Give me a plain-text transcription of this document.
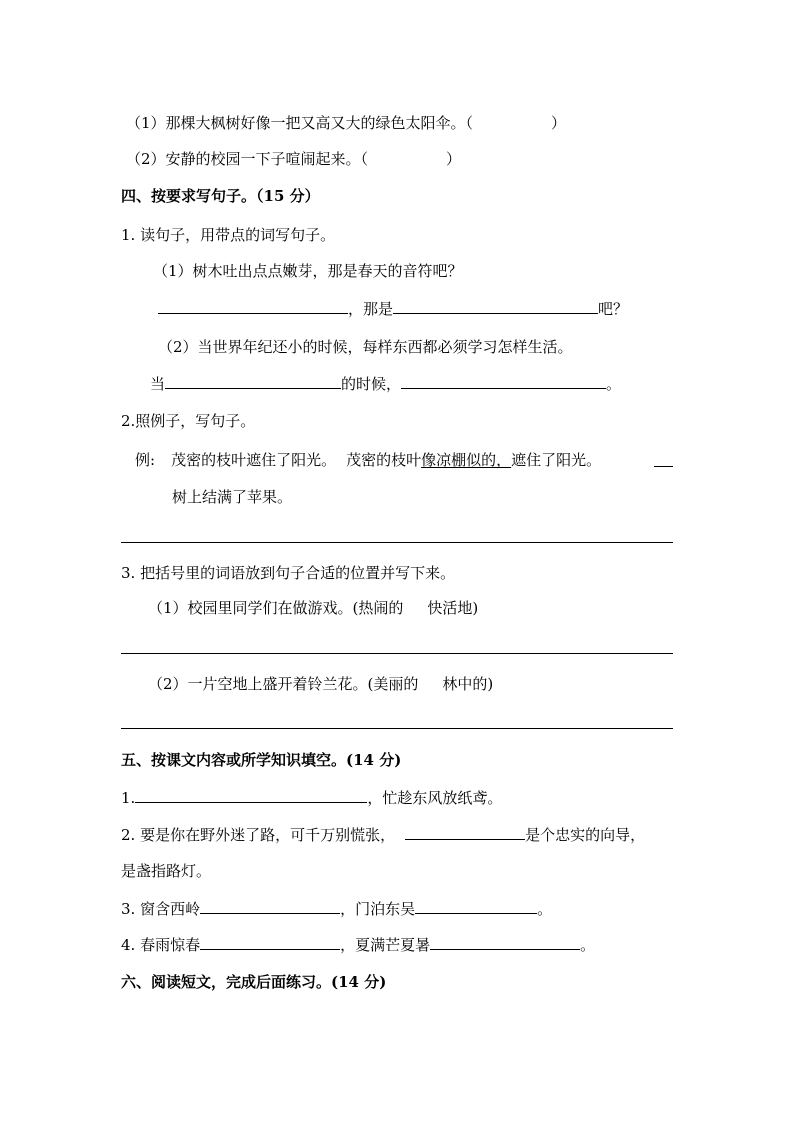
（1）那棵大枫树好像一把又高又大的绿色太阳伞。（	）
（2）安静的校园一下子喧闹起来。（	）
四、按要求写句子。（15 分）
1. 读句子，用带点的词写句子。
（1）树木吐出点点嫩芽，那是春天的音符吧？
，那是	吧？
（2）当世界年纪还小的时候，每样东西都必须学习怎样生活。
当	的时候，	。
2.照例子，写句子。
例: 茂密的枝叶遮住了阳光。 茂密的枝叶像凉棚似的，遮住了阳光。
树上结满了苹果。
3. 把括号里的词语放到句子合适的位置并写下来。
（1）校园里同学们在做游戏。(热闹的 快活地)
（2）一片空地上盛开着铃兰花。(美丽的 林中的)
五、按课文内容或所学知识填空。(14 分)
1.	，忙趁东风放纸鸢。
2. 要是你在野外迷了路，可千万别慌张，	是个忠实的向导，
是盏指路灯。
3. 窗含西岭	，门泊东吴	。
4. 春雨惊春	，夏满芒夏暑	。
六、阅读短文，完成后面练习。(14 分)
